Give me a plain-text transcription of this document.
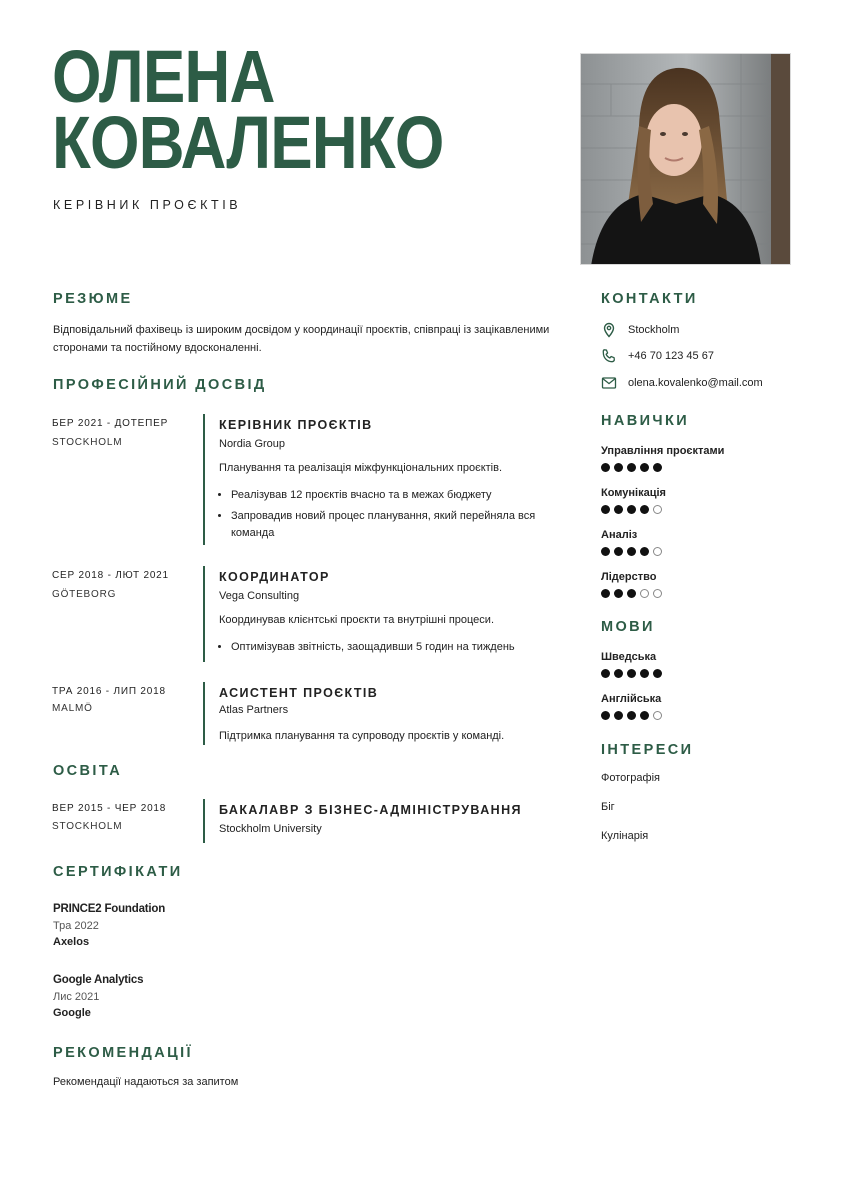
ОЛЕНА
КОВАЛЕНКО
КЕРІВНИК ПРОЄКТІВ
РЕЗЮМЕ
Відповідальний фахівець із широким досвідом у координації проєктів, співпраці із зацікавленими
сторонами та постійному вдосконаленні.
ПРОФЕСІЙНИЙ ДОСВІД
БЕР 2021 - ДОТЕПЕР
STOCKHOLM
КЕРІВНИК ПРОЄКТІВ
Nordia Group
Планування та реалізація міжфункціональних проєктів.
• Реалізував 12 проєктів вчасно та в межах бюджету
• Запровадив новий процес планування, який перейняла вся команда
СЕР 2018 - ЛЮТ 2021
GÖTEBORG
КООРДИНАТОР
Vega Consulting
Координував клієнтські проєкти та внутрішні процеси.
• Оптимізував звітність, заощадивши 5 годин на тиждень
ТРА 2016 - ЛИП 2018
MALMÖ
АСИСТЕНТ ПРОЄКТІВ
Atlas Partners
Підтримка планування та супроводу проєктів у команді.
ОСВІТА
ВЕР 2015 - ЧЕР 2018
STOCKHOLM
БАКАЛАВР З БІЗНЕС-АДМІНІСТРУВАННЯ
Stockholm University
СЕРТИФІКАТИ
PRINCE2 Foundation
Тра 2022
Axelos
Google Analytics
Лис 2021
Google
РЕКОМЕНДАЦІЇ
Рекомендації надаються за запитом
КОНТАКТИ
Stockholm
+46 70 123 45 67
olena.kovalenko@mail.com
НАВИЧКИ
Управління проєктами
Комунікація
Аналіз
Лідерство
МОВИ
Шведська
Англійська
ІНТЕРЕСИ
Фотографія
Біг
Кулінарія
